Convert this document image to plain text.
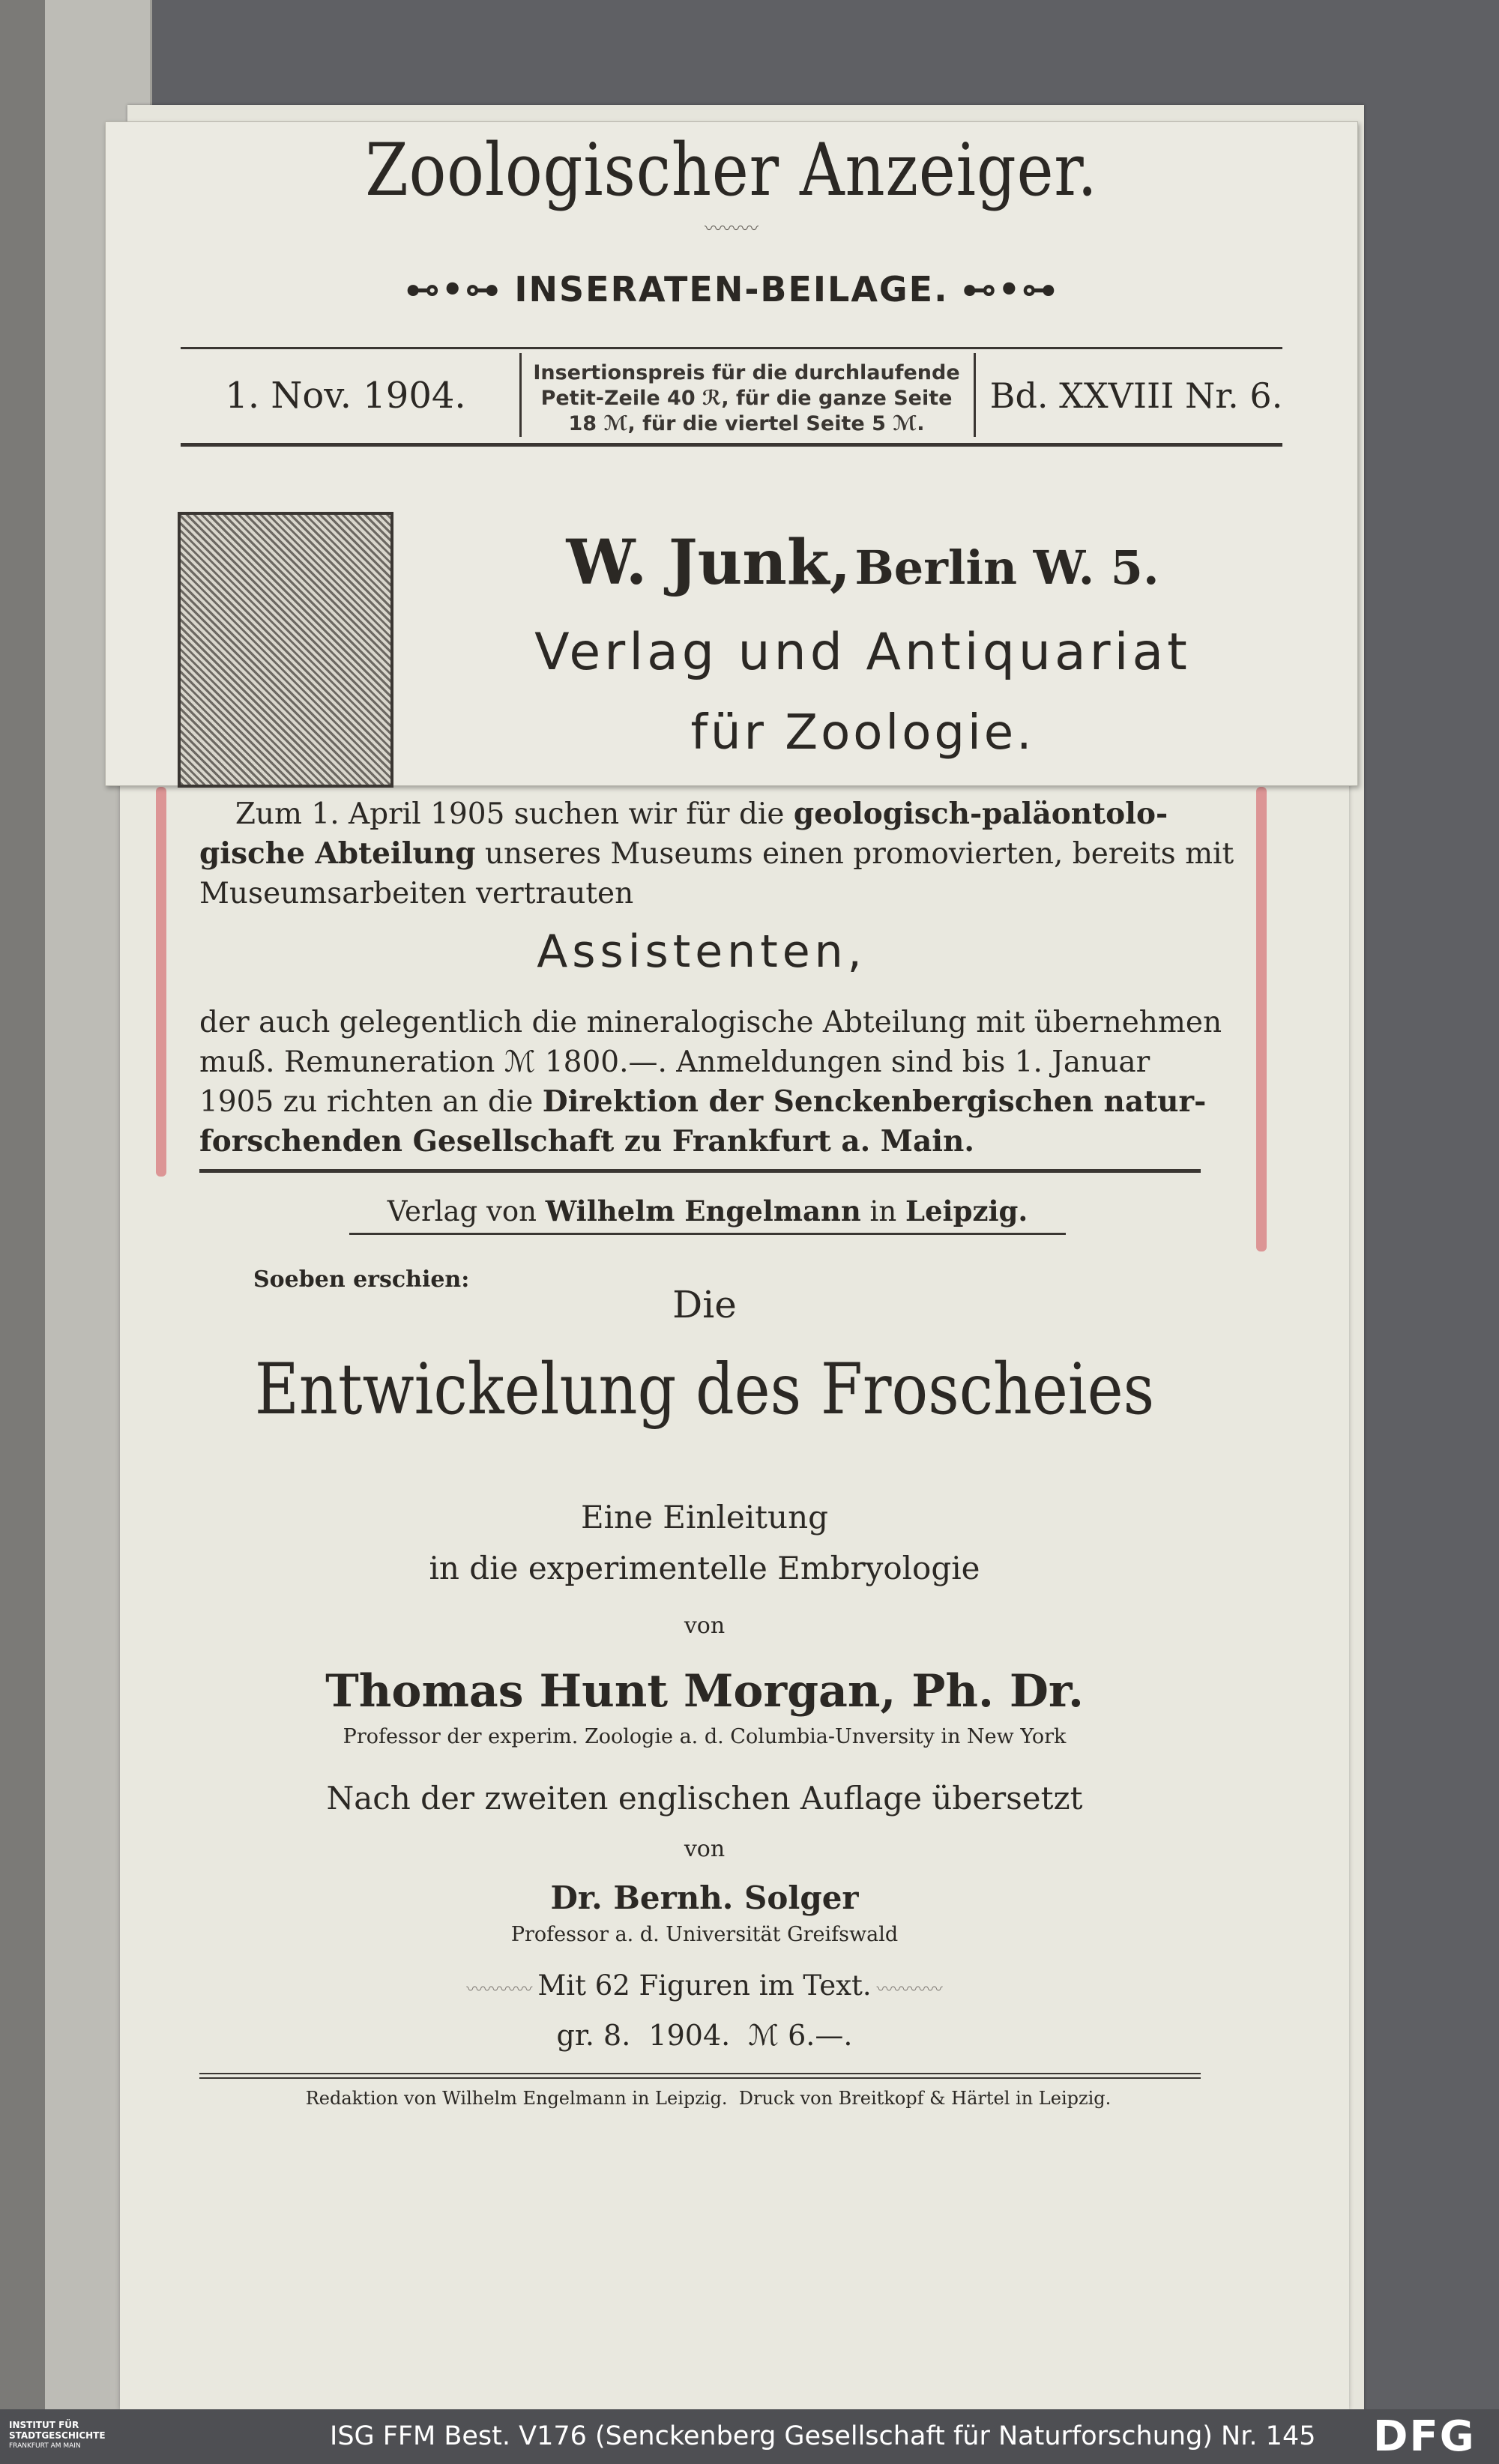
Zoologischer Anzeiger.
〰〰〰
⊷•⊶ INSERATEN-BEILAGE. ⊷•⊶
1. Nov. 1904.
Insertionspreis für die durchlaufende
Petit-Zeile 40 ℛ, für die ganze Seite
18 ℳ, für die viertel Seite 5 ℳ.
Bd. XXVIII Nr. 6.
W. Junk, Berlin W. 5.
Verlag und Antiquariat
für Zoologie.
Zum 1. April 1905 suchen wir für die geologisch-paläontolo-
gische Abteilung unseres Museums einen promovierten, bereits mit
Museumsarbeiten vertrauten
Assistenten,
der auch gelegentlich die mineralogische Abteilung mit übernehmen
muß. Remuneration ℳ 1800.—. Anmeldungen sind bis 1. Januar
1905 zu richten an die Direktion der Senckenbergischen natur-
forschenden Gesellschaft zu Frankfurt a. Main.
Verlag von Wilhelm Engelmann in Leipzig.
Soeben erschien:
Die
Entwickelung des Froscheies
Eine Einleitung
in die experimentelle Embryologie
von
Thomas Hunt Morgan, Ph. Dr.
Professor der experim. Zoologie a. d. Columbia-Unversity in New York
Nach der zweiten englischen Auflage übersetzt
von
Dr. Bernh. Solger
Professor a. d. Universität Greifswald
〰〰〰〰 Mit 62 Figuren im Text. 〰〰〰〰
gr. 8.  1904.  ℳ 6.—.
Redaktion von Wilhelm Engelmann in Leipzig.  Druck von Breitkopf & Härtel in Leipzig.
INSTITUT FÜR
STADTGESCHICHTE
FRANKFURT AM MAIN	ISG FFM Best. V176 (Senckenberg Gesellschaft für Naturforschung) Nr. 145 DFG
